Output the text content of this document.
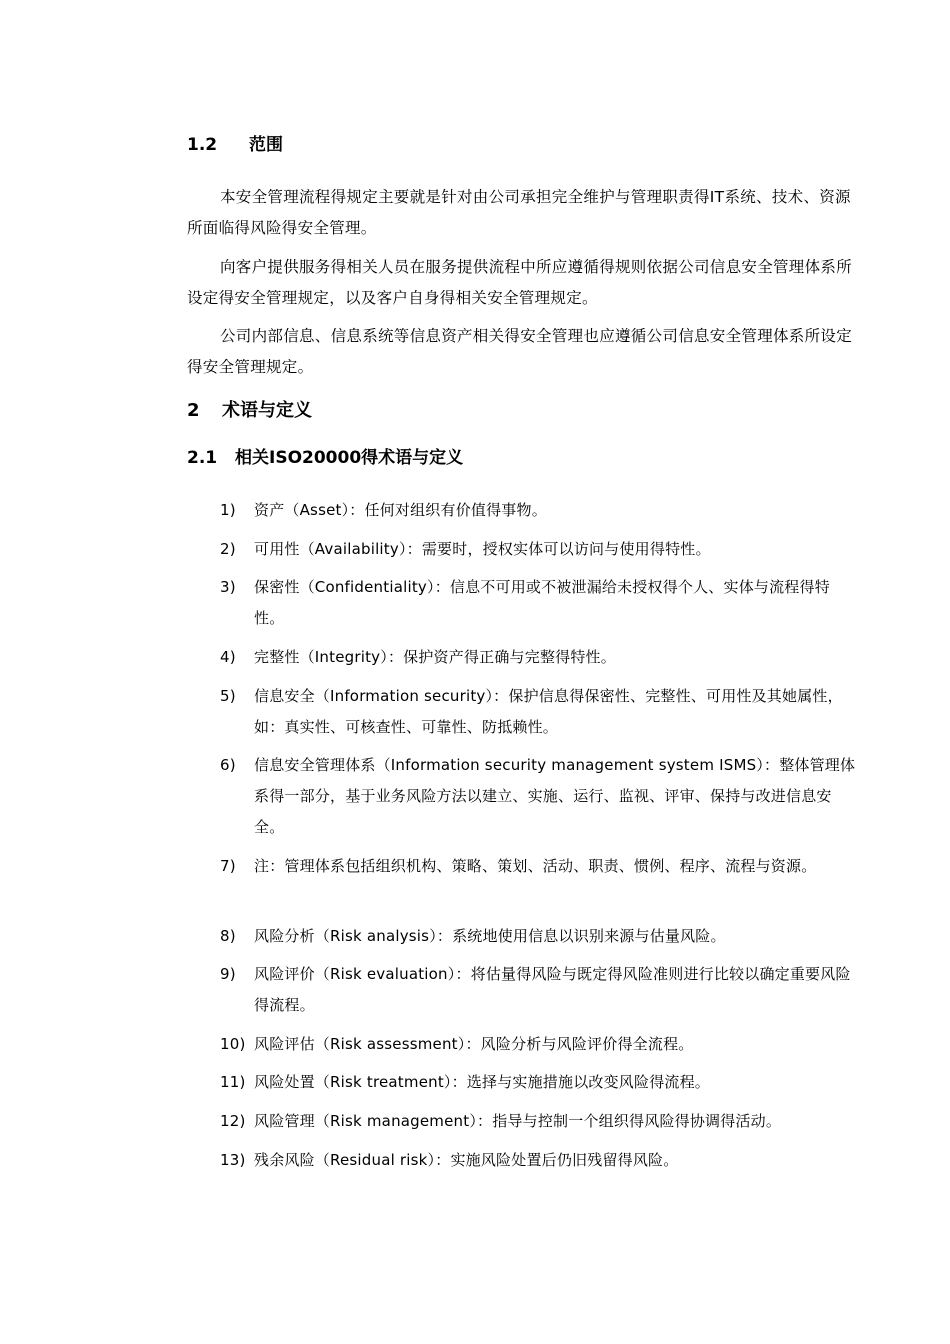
1.2 范围

本安全管理流程得规定主要就是针对由公司承担完全维护与管理职责得IT系统、技术、资源所面临得风险得安全管理。

向客户提供服务得相关人员在服务提供流程中所应遵循得规则依据公司信息安全管理体系所设定得安全管理规定，以及客户自身得相关安全管理规定。

公司内部信息、信息系统等信息资产相关得安全管理也应遵循公司信息安全管理体系所设定得安全管理规定。

2 术语与定义
2.1 相关ISO20000得术语与定义
1)	资产（Asset）：任何对组织有价值得事物。
2)	可用性（Availability）：需要时，授权实体可以访问与使用得特性。
3)	保密性（Confidentiality）：信息不可用或不被泄漏给未授权得个人、实体与流程得特性。
4)	完整性（Integrity）：保护资产得正确与完整得特性。
5)	信息安全（Information security）：保护信息得保密性、完整性、可用性及其她属性，如：真实性、可核查性、可靠性、防抵赖性。
6)	信息安全管理体系（Information security management system ISMS）：整体管理体系得一部分，基于业务风险方法以建立、实施、运行、监视、评审、保持与改进信息安全。
7)	注：管理体系包括组织机构、策略、策划、活动、职责、惯例、程序、流程与资源。
8)	风险分析（Risk analysis）：系统地使用信息以识别来源与估量风险。
9)	风险评价（Risk evaluation）：将估量得风险与既定得风险准则进行比较以确定重要风险得流程。
10) 风险评估（Risk assessment）：风险分析与风险评价得全流程。
11) 风险处置（Risk treatment）：选择与实施措施以改变风险得流程。
12) 风险管理（Risk management）：指导与控制一个组织得风险得协调得活动。
13) 残余风险（Residual risk）：实施风险处置后仍旧残留得风险。
